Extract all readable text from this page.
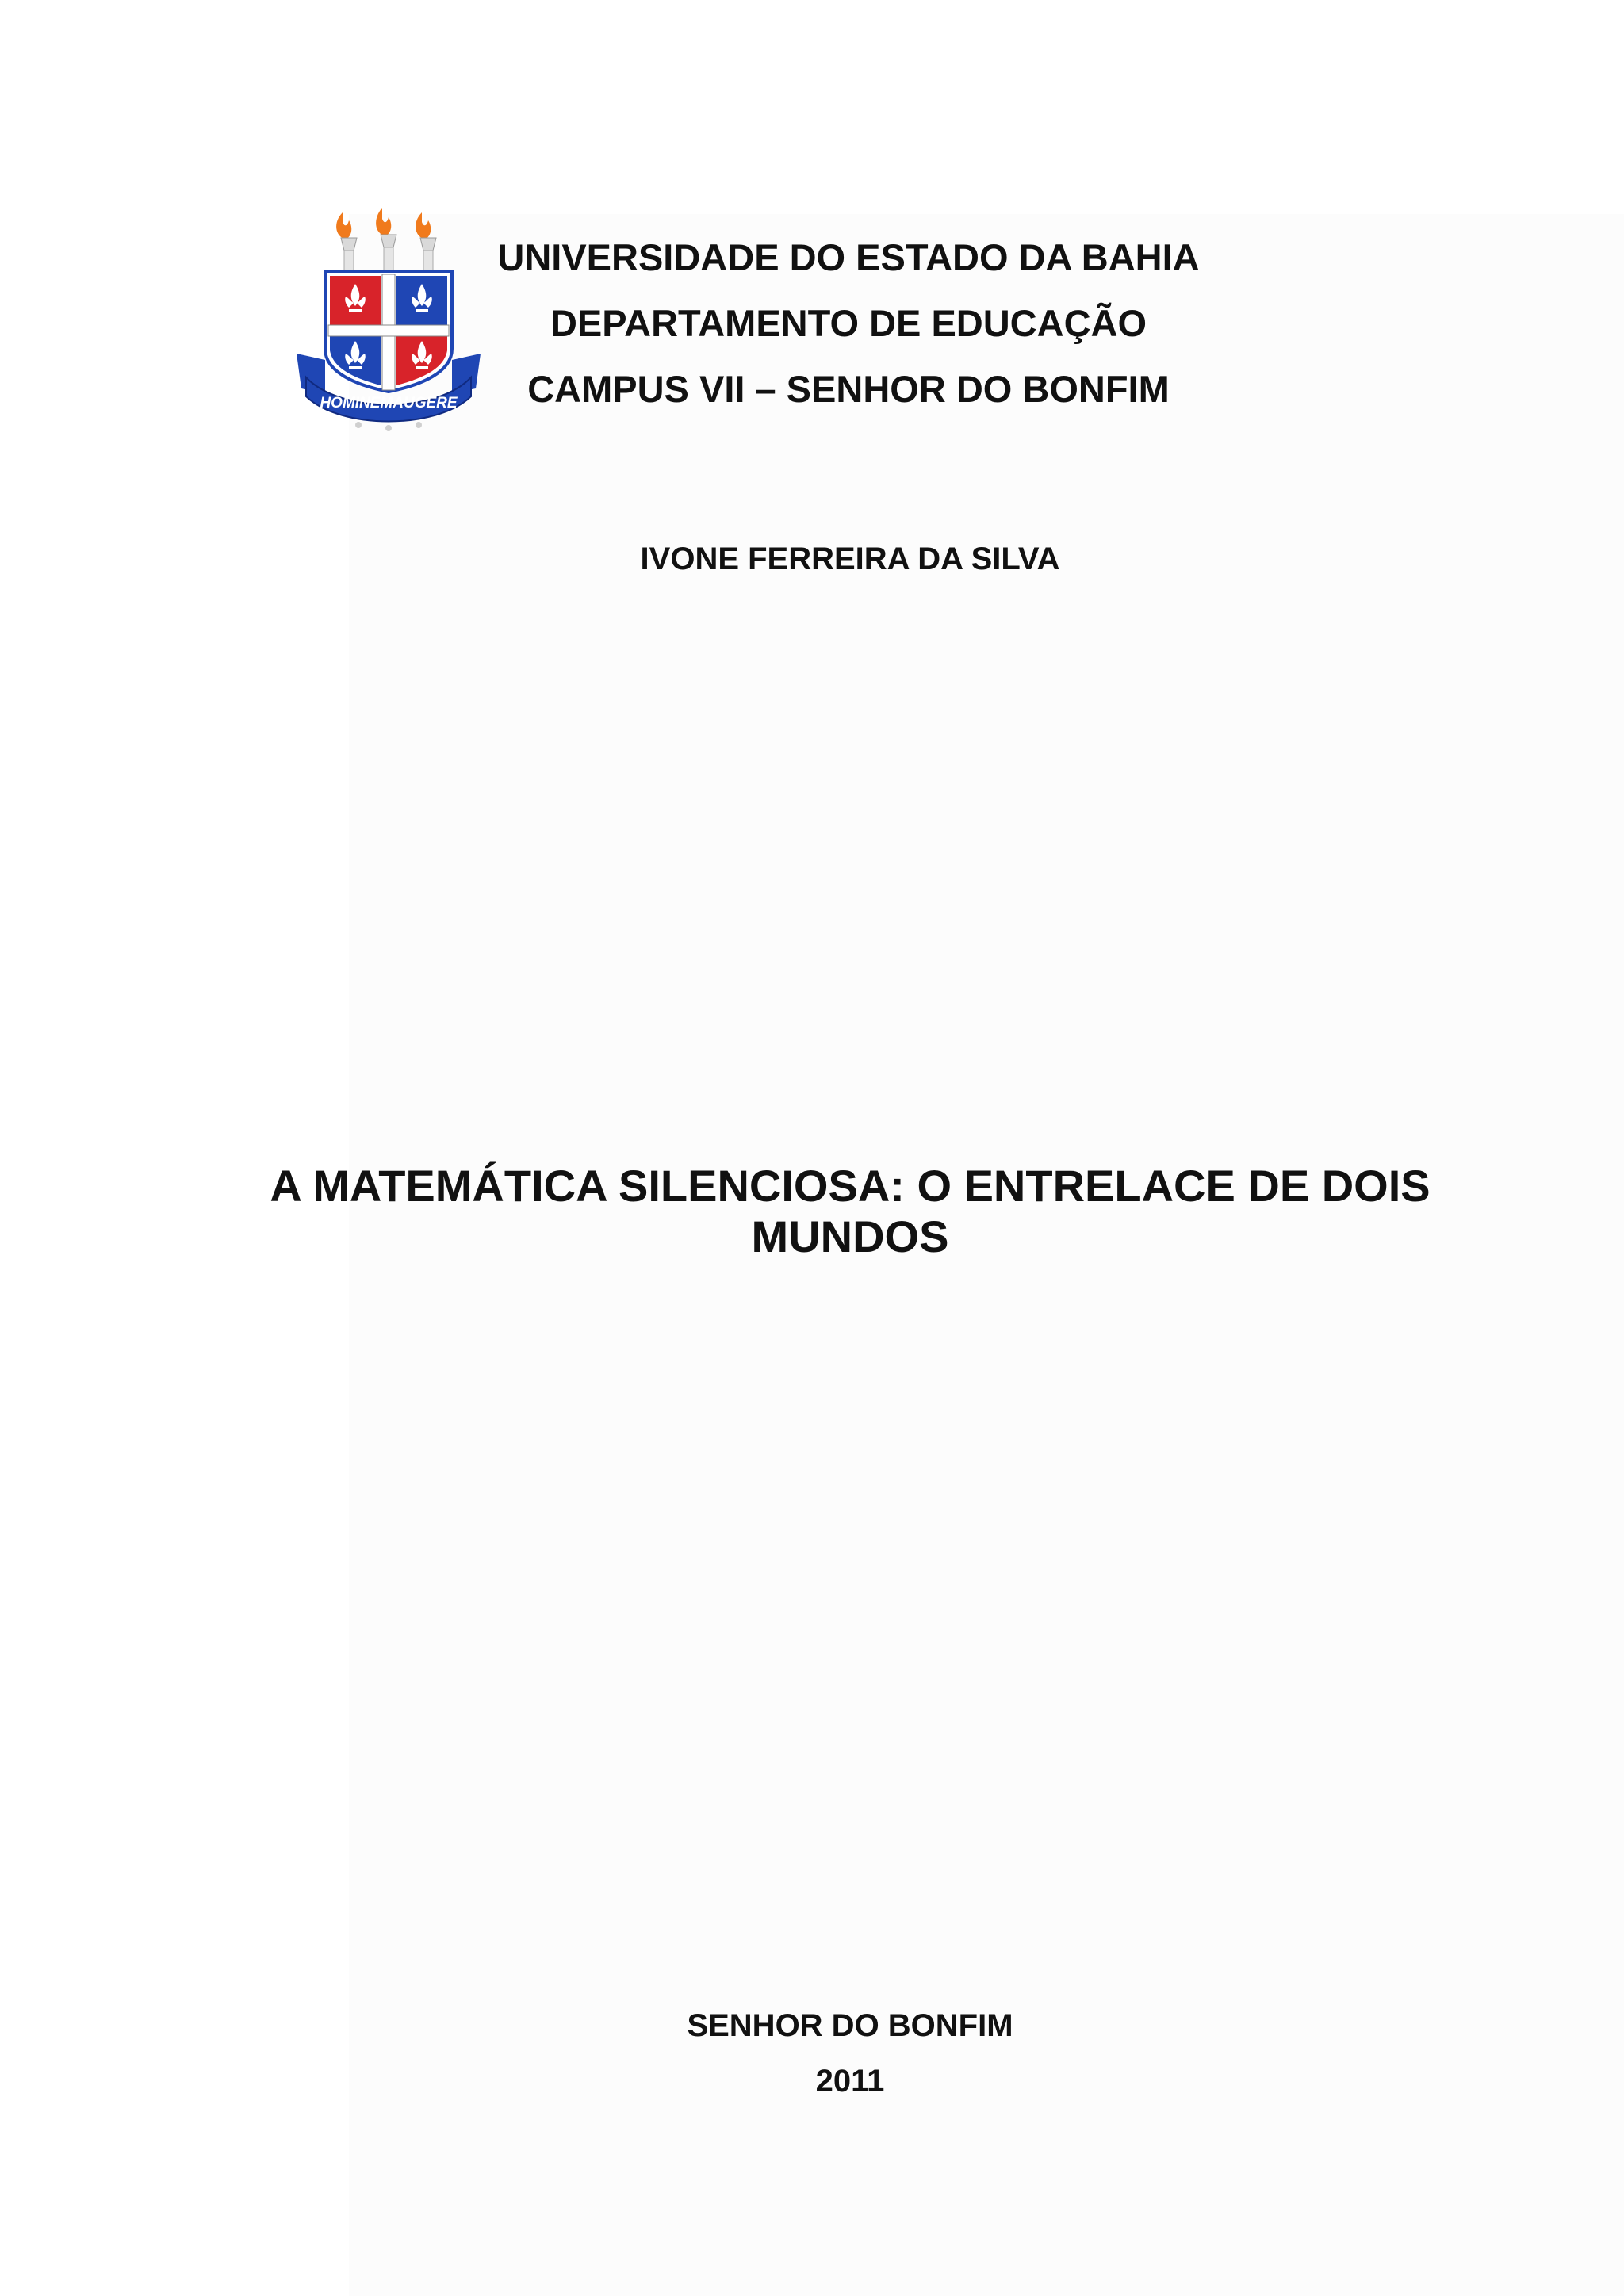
HOMINEMAUGERE
UNIVERSIDADE DO ESTADO DA BAHIA
DEPARTAMENTO DE EDUCAÇÃO
CAMPUS VII – SENHOR DO BONFIM
IVONE FERREIRA DA SILVA
A MATEMÁTICA SILENCIOSA: O ENTRELACE DE DOIS
MUNDOS
SENHOR DO BONFIM
2011
